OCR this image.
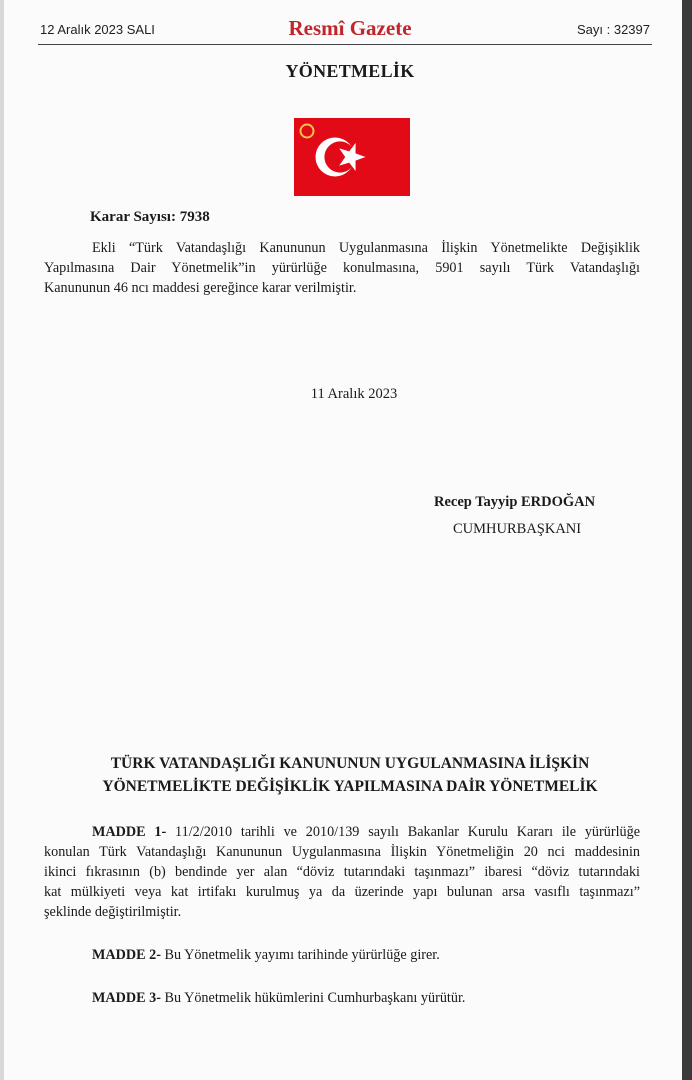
12 Aralık 2023 SALI	Resmî Gazete	Sayı : 32397
YÖNETMELİK
Karar Sayısı: 7938
Ekli “Türk Vatandaşlığı Kanununun Uygulanmasına İlişkin Yönetmelikte Değişiklik
Yapılmasına Dair Yönetmelik”in yürürlüğe konulmasına, 5901 sayılı Türk Vatandaşlığı
Kanununun 46 ncı maddesi gereğince karar verilmiştir.
11 Aralık 2023
Recep Tayyip ERDOĞAN
CUMHURBAŞKANI
TÜRK VATANDAŞLIĞI KANUNUNUN UYGULANMASINA İLİŞKİN
YÖNETMELİKTE DEĞİŞİKLİK YAPILMASINA DAİR YÖNETMELİK
MADDE 1- 11/2/2010 tarihli ve 2010/139 sayılı Bakanlar Kurulu Kararı ile yürürlüğe
konulan Türk Vatandaşlığı Kanununun Uygulanmasına İlişkin Yönetmeliğin 20 nci maddesinin
ikinci fıkrasının (b) bendinde yer alan “döviz tutarındaki taşınmazı” ibaresi “döviz tutarındaki
kat mülkiyeti veya kat irtifakı kurulmuş ya da üzerinde yapı bulunan arsa vasıflı taşınmazı”
şeklinde değiştirilmiştir.
MADDE 2- Bu Yönetmelik yayımı tarihinde yürürlüğe girer.
MADDE 3- Bu Yönetmelik hükümlerini Cumhurbaşkanı yürütür.
